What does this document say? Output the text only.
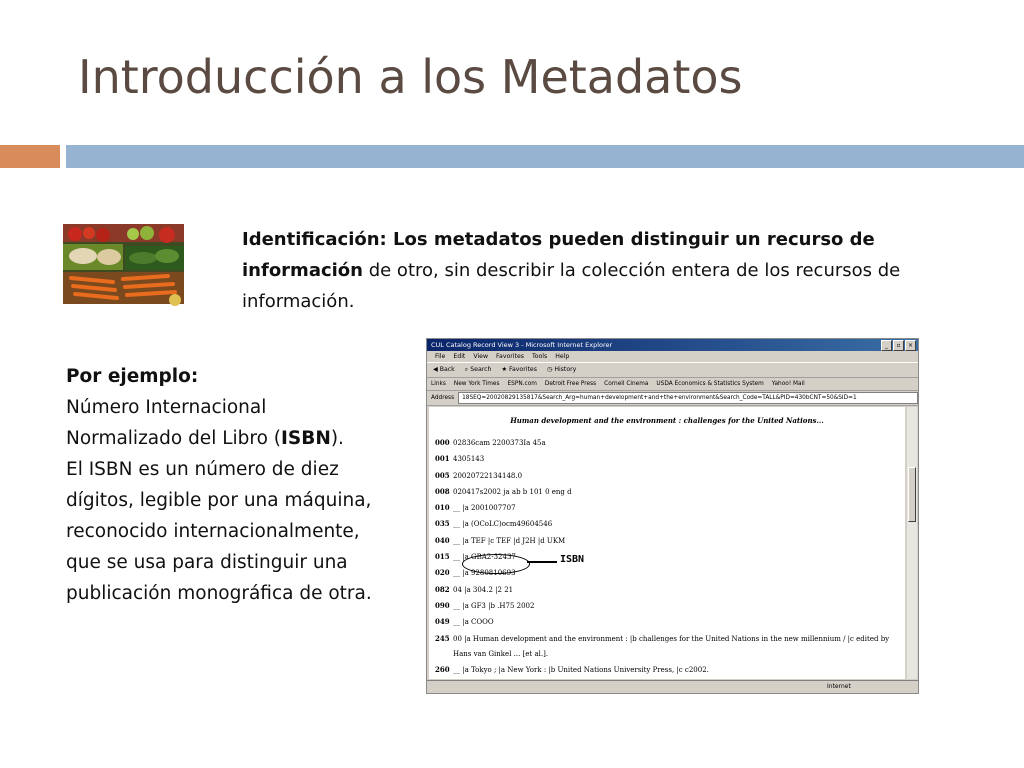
Introducción a los Metadatos
Identificación: Los metadatos pueden distinguir un recurso de información de otro, sin describir la colección entera de los recursos de información.
Por ejemplo:
Número Internacional Normalizado del Libro (ISBN).
El ISBN es un número de diez dígitos, legible por una máquina, reconocido internacionalmente, que se usa para distinguir una publicación monográfica de otra.
CUL Catalog Record View 3 - Microsoft Internet Explorer	_	▫	×
File Edit View Favorites Tools Help
◀ Back ⌕ Search ★ Favorites ◷ History
Links New York Times ESPN.com Detroit Free Press Cornell Cinema USDA Economics & Statistics System Yahoo! Mail
Address	18SEQ=20020829135817&Search_Arg=human+development+and+the+environment&Search_Code=TALL&PID=430bCNT=50&SID=1
Human development and the environment : challenges for the United Nations...
000 02836cam 2200373Ia 45a
001 4305143
005 20020722134148.0
008 020417s2002 ja ab b 101 0 eng d
010 __ |a 2001007707
035 __ |a (OCoLC)ocm49604546
040 __ |a TEF |c TEF |d J2H |d UKM
015 __ |a GBA2-32437
020 __ |a 9280810693
082 04 |a 304.2 |2 21
090 __ |a GF3 |b .H75 2002
049 __ |a COOO
245 00 |a Human development and the environment : |b challenges for the United Nations in the new millennium / |c edited by
Hans van Ginkel ... [et al.].
260 __ |a Tokyo ; |a New York : |b United Nations University Press, |c c2002.
ISBN
Internet
